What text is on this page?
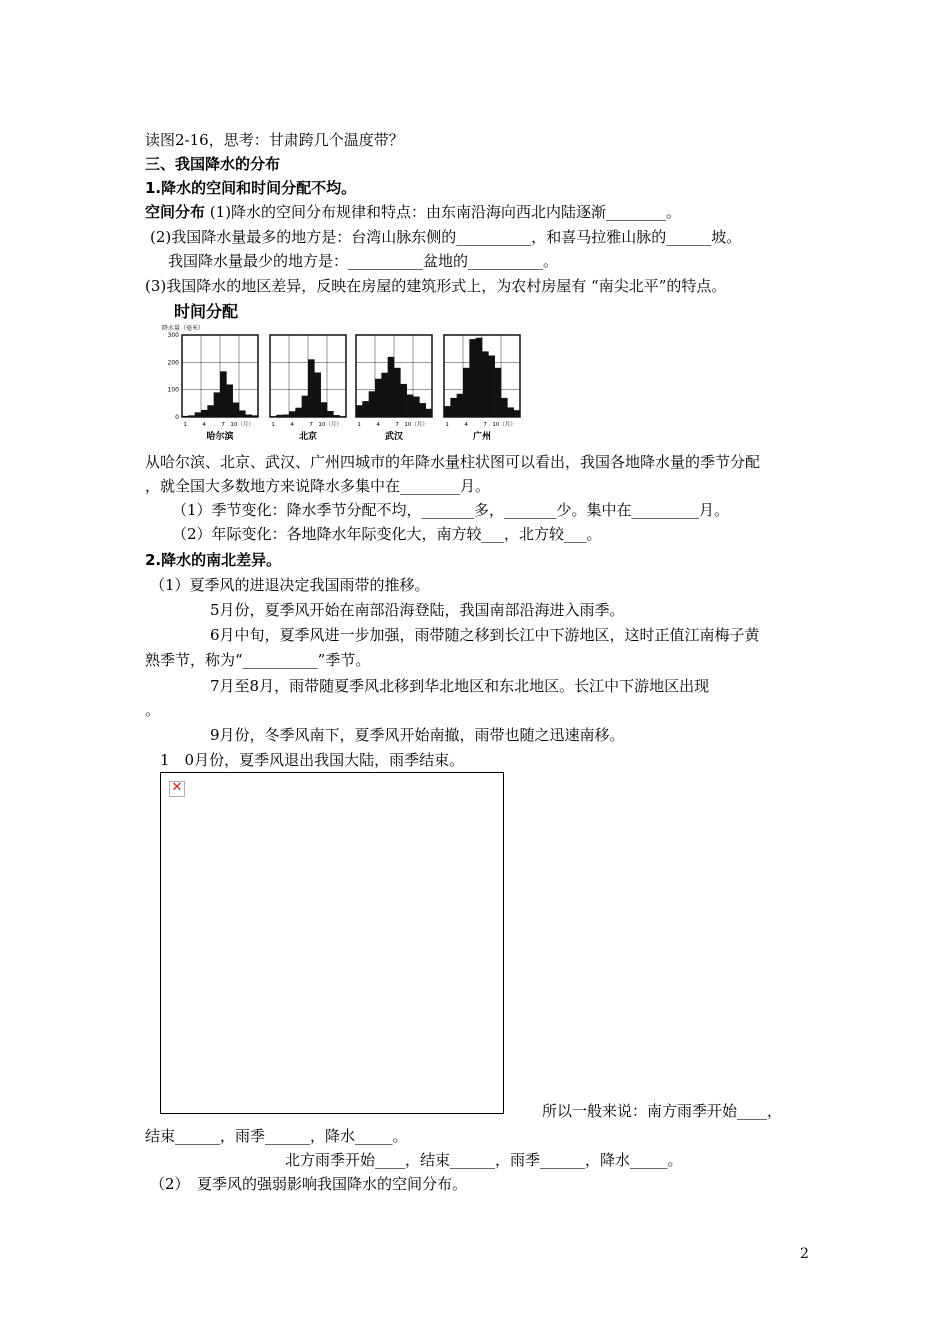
读图2-16，思考：甘肃跨几个温度带？
三、我国降水的分布
1.降水的空间和时间分配不均。
空间分布 (1)降水的空间分布规律和特点：由东南沿海向西北内陆逐渐________。
(2)我国降水量最多的地方是：台湾山脉东侧的__________，和喜马拉雅山脉的______坡。
我国降水量最少的地方是：__________盆地的__________。
(3)我国降水的地区差异，反映在房屋的建筑形式上，为农村房屋有 “南尖北平”的特点。
时间分配
降水量（毫米）
300
200
100
0
1	4	7 10（月）
哈尔滨
1	4	7 10（月）
北京
1	4	7 10（月）
武汉
1	4	7 10（月）
广州
从哈尔滨、北京、武汉、广州四城市的年降水量柱状图可以看出，我国各地降水量的季节分配
，就全国大多数地方来说降水多集中在________月。
（1）季节变化：降水季节分配不均，_______多，_______少。集中在_________月。
（2）年际变化：各地降水年际变化大，南方较___，北方较___。
2.降水的南北差异。
（1）夏季风的进退决定我国雨带的推移。
5月份，夏季风开始在南部沿海登陆，我国南部沿海进入雨季。
6月中旬，夏季风进一步加强，雨带随之移到长江中下游地区，这时正值江南梅子黄
熟季节，称为“__________”季节。
7月至8月，雨带随夏季风北移到华北地区和东北地区。长江中下游地区出现
。
9月份，冬季风南下，夏季风开始南撤，雨带也随之迅速南移。
1　0月份，夏季风退出我国大陆，雨季结束。
✕
所以一般来说：南方雨季开始____，
结束______，雨季______，降水_____。
北方雨季开始____，结束______，雨季______，降水_____。
（2）　夏季风的强弱影响我国降水的空间分布。
2
